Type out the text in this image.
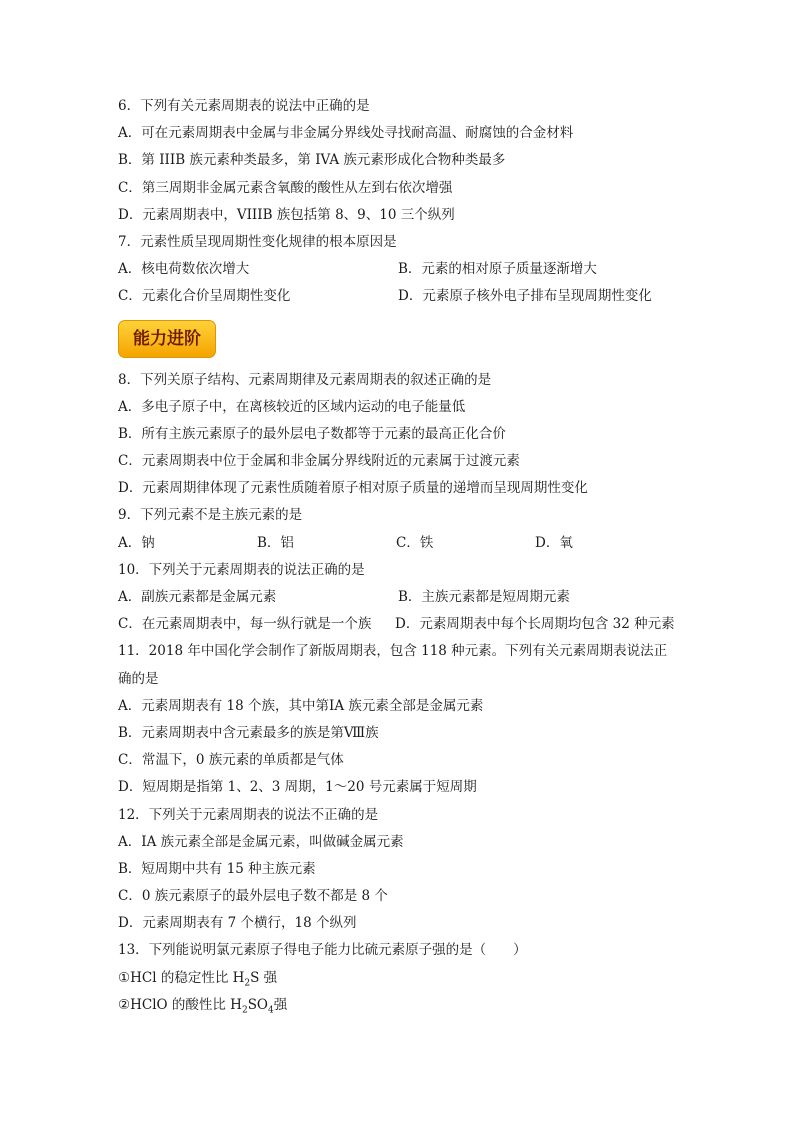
6．下列有关元素周期表的说法中正确的是
A．可在元素周期表中金属与非金属分界线处寻找耐高温、耐腐蚀的合金材料
B．第 IIIB 族元素种类最多，第 IVA 族元素形成化合物种类最多
C．第三周期非金属元素含氧酸的酸性从左到右依次增强
D．元素周期表中，VIIIB 族包括第 8、9、10 三个纵列
7．元素性质呈现周期性变化规律的根本原因是
A．核电荷数依次增大	B．元素的相对原子质量逐渐增大
C．元素化合价呈周期性变化	D．元素原子核外电子排布呈现周期性变化
能力进阶
8．下列关原子结构、元素周期律及元素周期表的叙述正确的是
A．多电子原子中，在离核较近的区域内运动的电子能量低
B．所有主族元素原子的最外层电子数都等于元素的最高正化合价
C．元素周期表中位于金属和非金属分界线附近的元素属于过渡元素
D．元素周期律体现了元素性质随着原子相对原子质量的递增而呈现周期性变化
9．下列元素不是主族元素的是
A．钠	B．铝	C．铁	D．氧
10．下列关于元素周期表的说法正确的是
A．副族元素都是金属元素	B．主族元素都是短周期元素
C．在元素周期表中，每一纵行就是一个族	D．元素周期表中每个长周期均包含 32 种元素
11．2018 年中国化学会制作了新版周期表，包含 118 种元素。下列有关元素周期表说法正
确的是
A．元素周期表有 18 个族，其中第ⅠA 族元素全部是金属元素
B．元素周期表中含元素最多的族是第Ⅷ族
C．常温下，0 族元素的单质都是气体
D．短周期是指第 1、2、3 周期，1～20 号元素属于短周期
12．下列关于元素周期表的说法不正确的是
A．IA 族元素全部是金属元素，叫做碱金属元素
B．短周期中共有 15 种主族元素
C．0 族元素原子的最外层电子数不都是 8 个
D．元素周期表有 7 个横行，18 个纵列
13．下列能说明氯元素原子得电子能力比硫元素原子强的是（　　）
①HCl 的稳定性比 $H_2S$ 强
②HClO 的酸性比 $H_2SO_4$强
